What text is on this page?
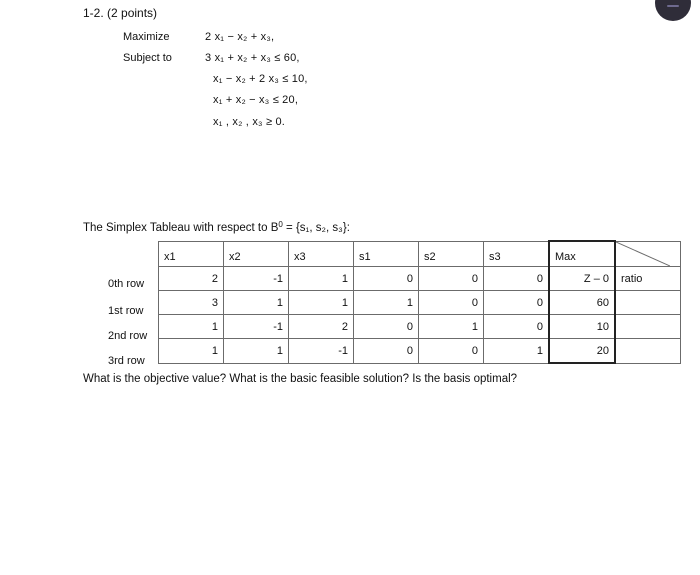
1-2. (2 points)
Maximize
Subject to
2 x₁ − x₂ + x₃,
3 x₁ + x₂ + x₃ ≤ 60,
x₁ − x₂ + 2 x₃ ≤ 10,
x₁ + x₂ − x₃ ≤ 20,
x₁ , x₂ , x₃ ≥ 0.
The Simplex Tableau with respect to $B^0 = \{s_1$, s₂, s₃}:
0th row
1st row
2nd row
3rd row
x1	x2	x3	s1	s2	s3	Max	

2	-1	1	0	0	0	Z – 0	ratio
3	1	1	1	0	0	60	
1	-1	2	0	1	0	10	
1	1	-1	0	0	1	20	
What is the objective value? What is the basic feasible solution? Is the basis optimal?
